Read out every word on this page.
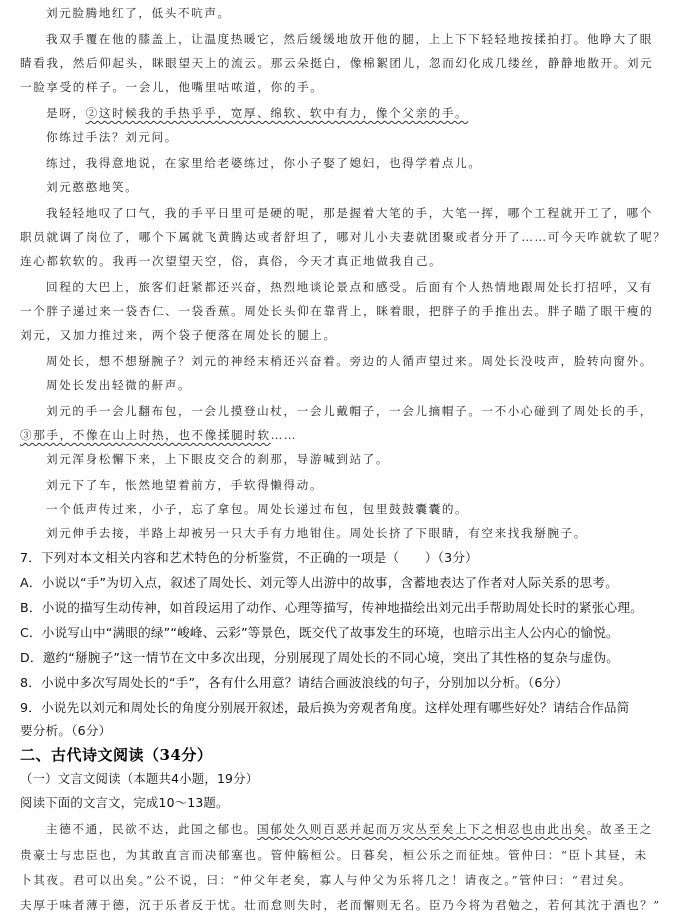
刘元脸腾地红了，低头不吭声。
我双手覆在他的膝盖上，让温度热暖它，然后缓缓地放开他的腿，上上下下轻轻地按揉拍打。他睁大了眼
睛看我，然后仰起头，眯眼望天上的流云。那云朵挺白，像棉絮团儿，忽而幻化成几缕丝，静静地散开。刘元
一脸享受的样子。一会儿，他嘴里咕哝道，你的手。
是呀，②这时候我的手热乎乎，宽厚、绵软、软中有力，像个父亲的手。
你练过手法？刘元问。
练过，我得意地说，在家里给老婆练过，你小子娶了媳妇，也得学着点儿。
刘元憨憨地笑。
我轻轻地叹了口气，我的手平日里可是硬的呢，那是握着大笔的手，大笔一挥，哪个工程就开工了，哪个
职员就调了岗位了，哪个下属就飞黄腾达或者舒坦了，哪对儿小夫妻就团聚或者分开了……可今天咋就软了呢？
连心都软软的。我再一次望望天空，俗，真俗，今天才真正地做我自己。
回程的大巴上，旅客们赶紧都还兴奋，热烈地谈论景点和感受。后面有个人热情地跟周处长打招呼，又有
一个胖子递过来一袋杏仁、一袋香蕉。周处长头仰在靠背上，眯着眼，把胖子的手推出去。胖子瞄了眼干瘦的
刘元，又加力推过来，两个袋子便落在周处长的腿上。
周处长，想不想掰腕子？刘元的神经末梢还兴奋着。旁边的人循声望过来。周处长没吱声，脸转向窗外。
周处长发出轻微的鼾声。
刘元的手一会儿翻布包，一会儿摸登山杖，一会儿戴帽子，一会儿摘帽子。一不小心碰到了周处长的手，
③那手，不像在山上时热，也不像揉腿时软……
刘元浑身松懈下来，上下眼皮交合的刹那，导游喊到站了。
刘元下了车，怅然地望着前方，手软得懒得动。
一个低声传过来，小子，忘了拿包。周处长递过布包，包里鼓鼓囊囊的。
刘元伸手去接，半路上却被另一只大手有力地钳住。周处长挤了下眼睛，有空来找我掰腕子。
7．下列对本文相关内容和艺术特色的分析鉴赏，不正确的一项是（　　）（3分）
A．小说以“手”为切入点，叙述了周处长、刘元等人出游中的故事，含蓄地表达了作者对人际关系的思考。
B．小说的描写生动传神，如首段运用了动作、心理等描写，传神地描绘出刘元出手帮助周处长时的紧张心理。
C．小说写山中“满眼的绿”“峻峰、云彩”等景色，既交代了故事发生的环境，也暗示出主人公内心的愉悦。
D．邀约“掰腕子”这一情节在文中多次出现，分别展现了周处长的不同心境，突出了其性格的复杂与虚伪。
8．小说中多次写周处长的“手”，各有什么用意？请结合画波浪线的句子，分别加以分析。（6分）
9．小说先以刘元和周处长的角度分别展开叙述，最后换为旁观者角度。这样处理有哪些好处？请结合作品简
要分析。（6分）
二、古代诗文阅读（34分）
（一）文言文阅读（本题共4小题，19分）
阅读下面的文言文，完成10～13题。
主德不通，民欲不达，此国之郁也。国郁处久则百恶并起而万灾丛至矣上下之相忍也由此出矣。故圣王之
贵豪士与忠臣也，为其敢直言而决郁塞也。管仲觞桓公。日暮矣，桓公乐之而征烛。管仲曰：“臣卜其昼，未
卜其夜。君可以出矣。”公不说，曰：“仲父年老矣，寡人与仲父为乐将几之！请夜之。”管仲曰：“君过矣。
夫厚于味者薄于德，沉于乐者反于忧。壮而怠则失时，老而懈则无名。臣乃今将为君勉之，若何其沈于酒也？”
